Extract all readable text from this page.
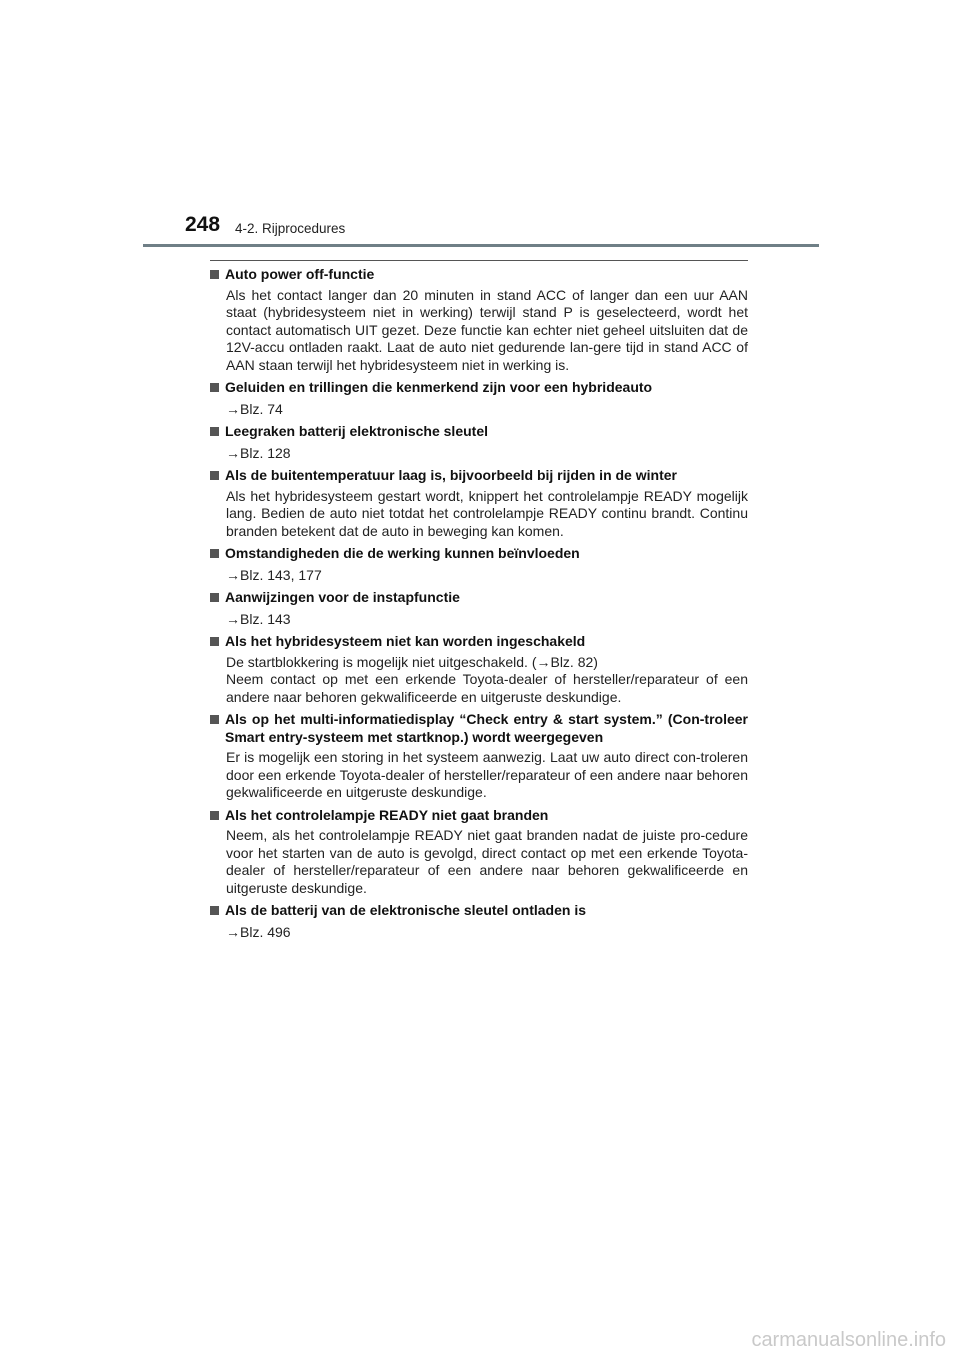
248 4-2. Rijprocedures
Auto power off-functie

Als het contact langer dan 20 minuten in stand ACC of langer dan een uur AAN staat (hybridesysteem niet in werking) terwijl stand P is geselecteerd, wordt het contact automatisch UIT gezet. Deze functie kan echter niet geheel uitsluiten dat de 12V-accu ontladen raakt. Laat de auto niet gedurende lan-gere tijd in stand ACC of AAN staan terwijl het hybridesysteem niet in werking is.

Geluiden en trillingen die kenmerkend zijn voor een hybrideauto
→Blz. 74
Leegraken batterij elektronische sleutel
→Blz. 128
Als de buitentemperatuur laag is, bijvoorbeeld bij rijden in de winter

Als het hybridesysteem gestart wordt, knippert het controlelampje READY mogelijk lang. Bedien de auto niet totdat het controlelampje READY continu brandt. Continu branden betekent dat de auto in beweging kan komen.

Omstandigheden die de werking kunnen beïnvloeden
→Blz. 143, 177
Aanwijzingen voor de instapfunctie
→Blz. 143
Als het hybridesysteem niet kan worden ingeschakeld

De startblokkering is mogelijk niet uitgeschakeld. (→Blz. 82)

Neem contact op met een erkende Toyota-dealer of hersteller/reparateur of een andere naar behoren gekwalificeerde en uitgeruste deskundige.

Als op het multi-informatiedisplay “Check entry & start system.” (Con-troleer Smart entry-systeem met startknop.) wordt weergegeven

Er is mogelijk een storing in het systeem aanwezig. Laat uw auto direct con-troleren door een erkende Toyota-dealer of hersteller/reparateur of een andere naar behoren gekwalificeerde en uitgeruste deskundige.

Als het controlelampje READY niet gaat branden

Neem, als het controlelampje READY niet gaat branden nadat de juiste pro-cedure voor het starten van de auto is gevolgd, direct contact op met een erkende Toyota-dealer of hersteller/reparateur of een andere naar behoren gekwalificeerde en uitgeruste deskundige.

Als de batterij van de elektronische sleutel ontladen is
→Blz. 496
carmanualsonline.info
